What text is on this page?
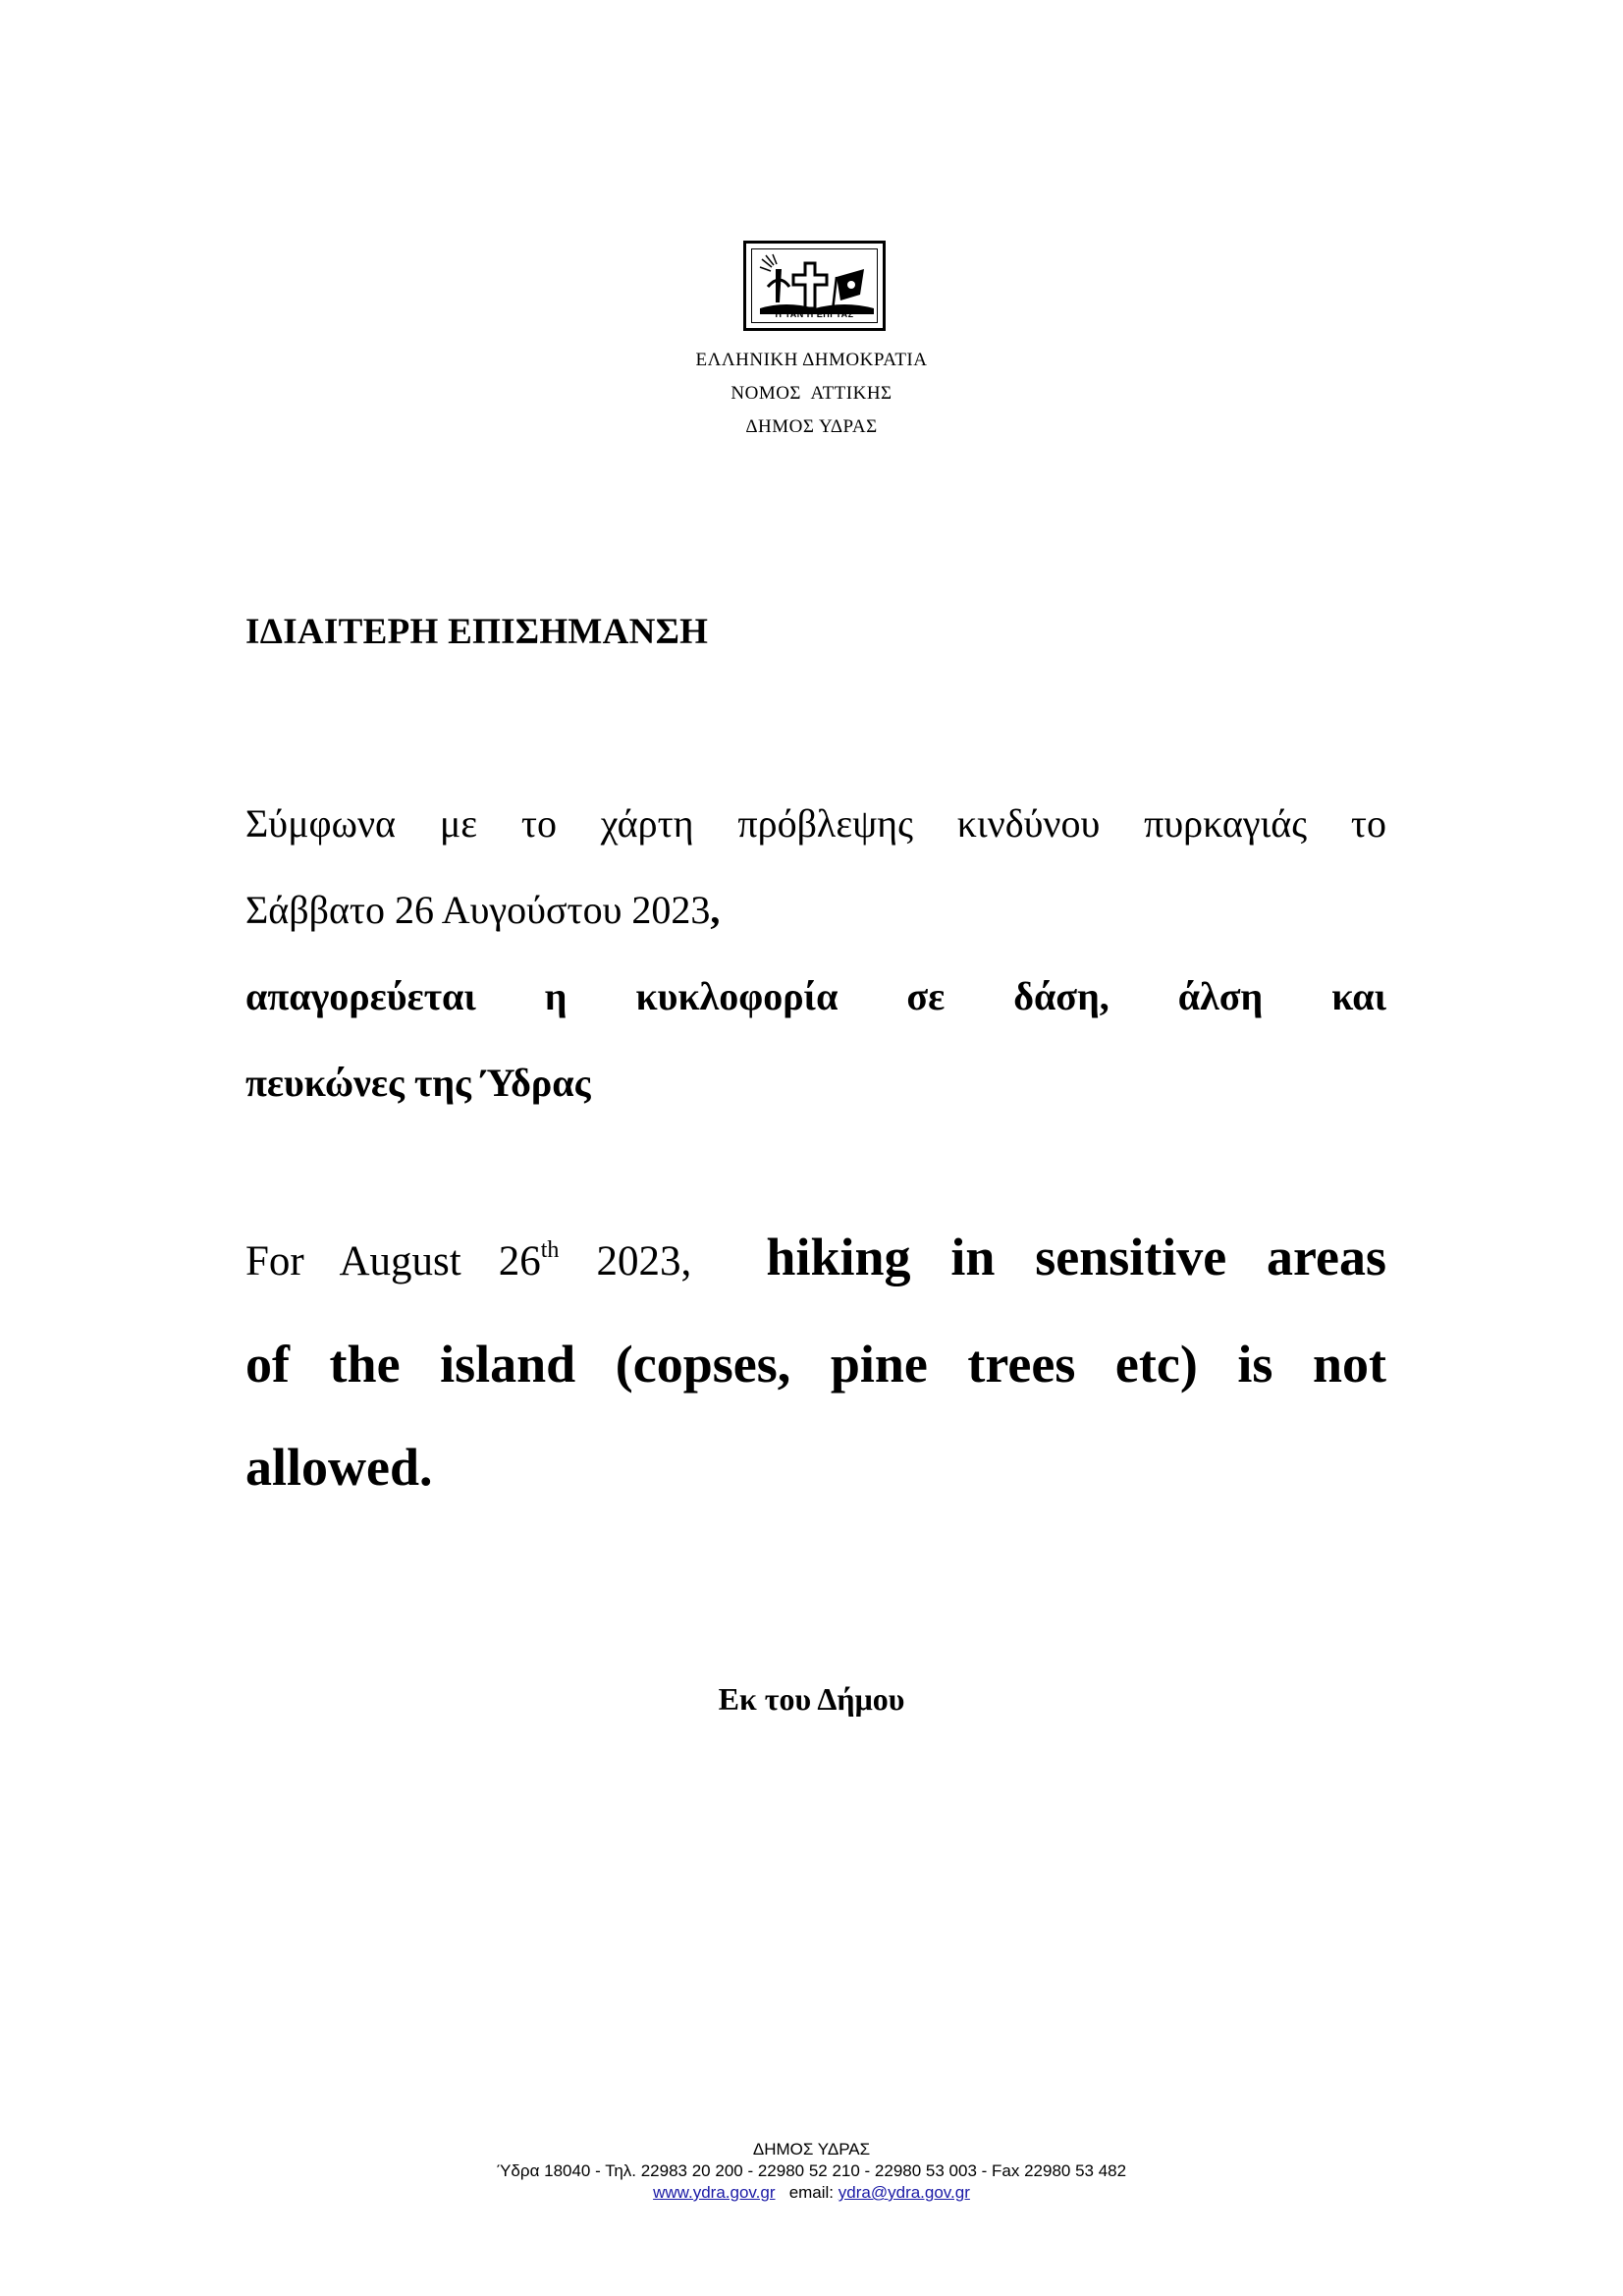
Η ΤΑΝ Η ΕΠΙ ΤΑΣ
ΕΛΛΗΝΙΚΗ ΔΗΜΟΚΡΑΤΙΑ
ΝΟΜΟΣ  ΑΤΤΙΚΗΣ
ΔΗΜΟΣ ΥΔΡΑΣ
ΙΔΙΑΙΤΕΡΗ ΕΠΙΣΗΜΑΝΣΗ
Σύμφωνα με το χάρτη πρόβλεψης κινδύνου πυρκαγιάς το
Σάββατο 26 Αυγούστου 2023,
απαγορεύεται η κυκλοφορία σε δάση, άλση και
πευκώνες της Ύδρας
For August 26th 2023, hiking in sensitive areas
of the island (copses, pine trees etc) is not
allowed.
Εκ του Δήμου
ΔΗΜΟΣ ΥΔΡΑΣ
Ύδρα 18040 - Τηλ. 22983 20 200 - 22980 52 210 - 22980 53 003 - Fax 22980 53 482
www.ydra.gov.gr email: ydra@ydra.gov.gr
